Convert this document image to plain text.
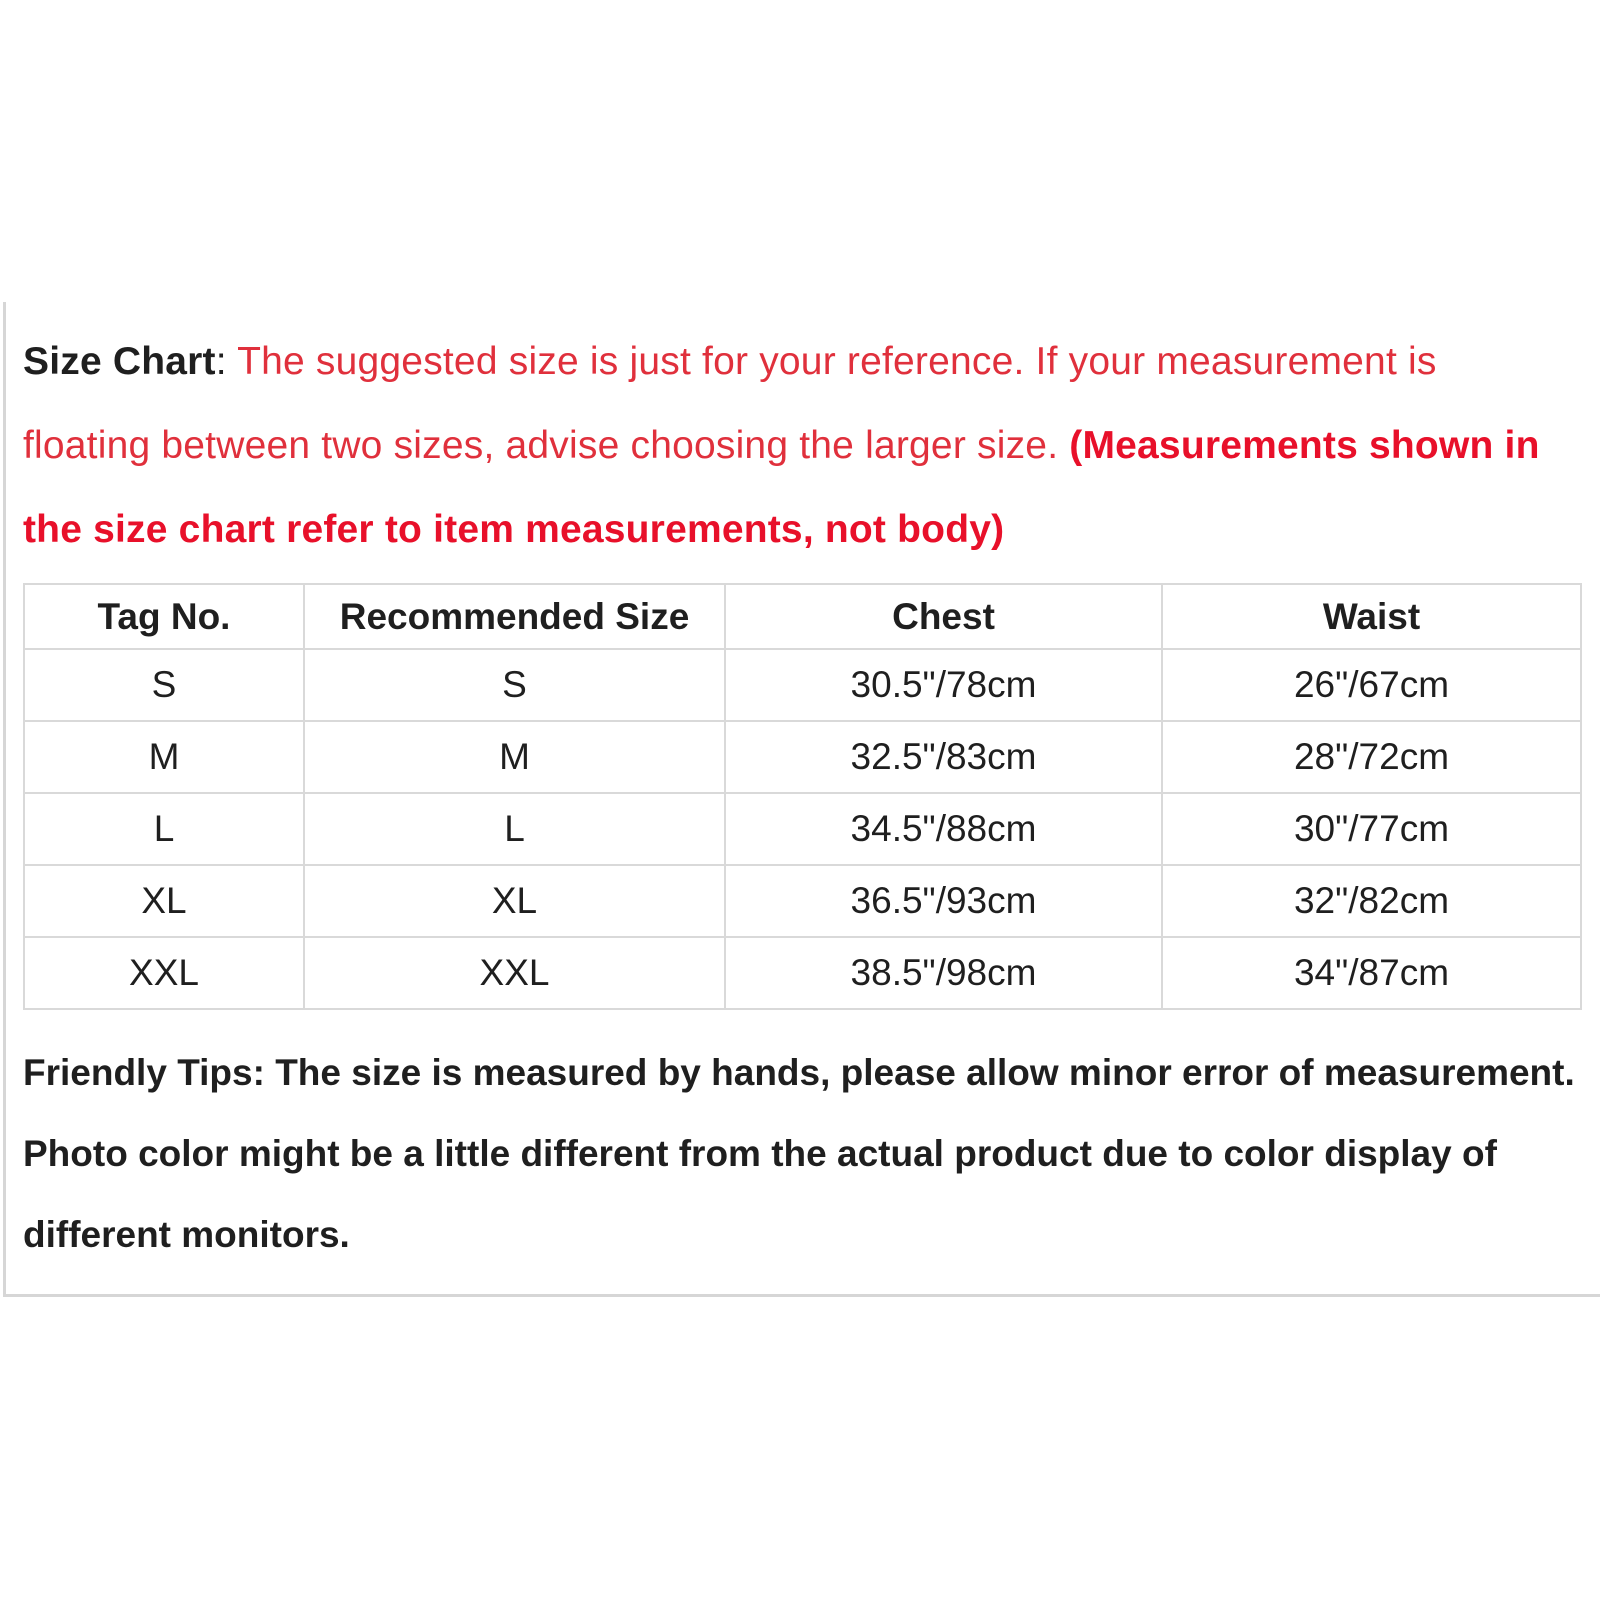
Size Chart: The suggested size is just for your reference. If your measurement is floating between two sizes, advise choosing the larger size. (Measurements shown in the size chart refer to item measurements, not body)
Tag No.	Recommended Size	Chest	Waist
S	S	30.5"/78cm	26"/67cm
M	M	32.5"/83cm	28"/72cm
L	L	34.5"/88cm	30"/77cm
XL	XL	36.5"/93cm	32"/82cm
XXL	XXL	38.5"/98cm	34"/87cm
Friendly Tips: The size is measured by hands, please allow minor error of measurement. Photo color might be a little different from the actual product due to color display of different monitors.
